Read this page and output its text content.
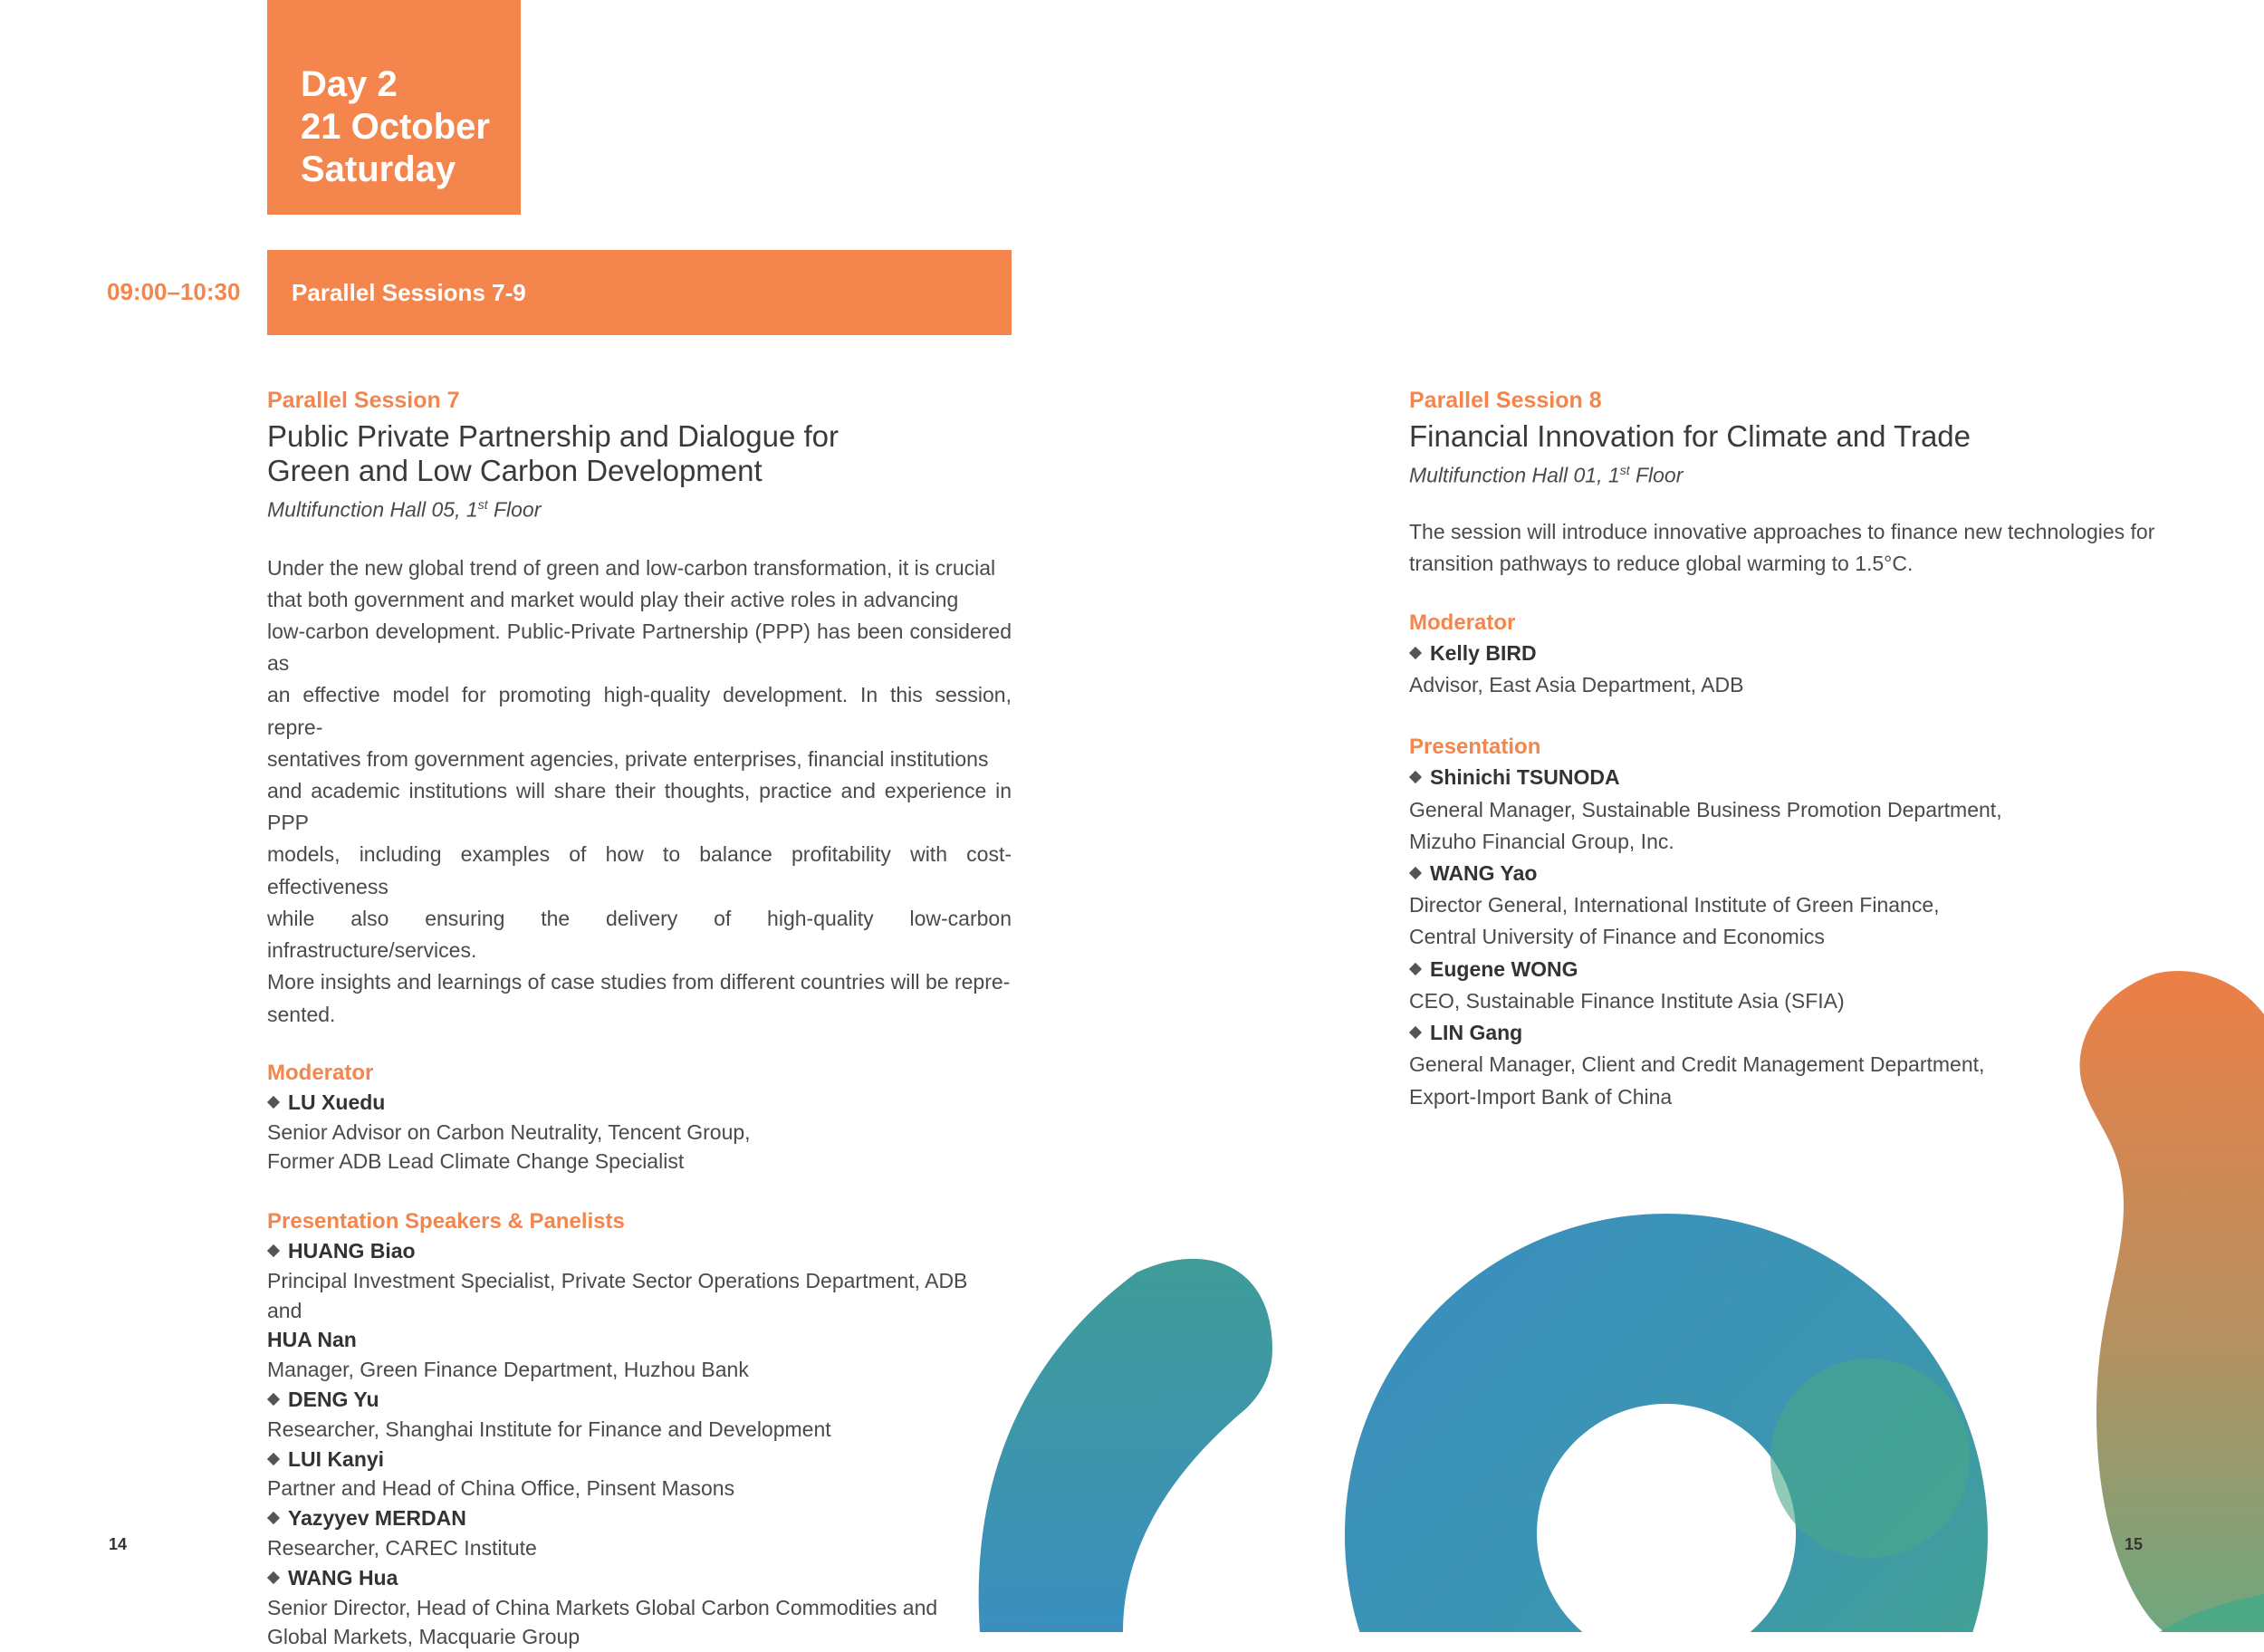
Day 2
21 October
Saturday
09:00–10:30	Parallel Sessions 7-9
Parallel Session 7
Public Private Partnership and Dialogue for
Green and Low Carbon Development
Multifunction Hall 05, 1st Floor
Under the new global trend of green and low-carbon transformation, it is crucial
that both government and market would play their active roles in advancing
low-carbon development. Public-Private Partnership (PPP) has been considered as
an effective model for promoting high-quality development. In this session, repre-
sentatives from government agencies, private enterprises, financial institutions
and academic institutions will share their thoughts, practice and experience in PPP
models, including examples of how to balance profitability with cost-effectiveness
while also ensuring the delivery of high-quality low-carbon infrastructure/services.
More insights and learnings of case studies from different countries will be repre-
sented.
Moderator
LU Xuedu
Senior Advisor on Carbon Neutrality, Tencent Group,
Former ADB Lead Climate Change Specialist
Presentation Speakers & Panelists
HUANG Biao
Principal Investment Specialist, Private Sector Operations Department, ADB
and
HUA Nan
Manager, Green Finance Department, Huzhou Bank
DENG Yu
Researcher, Shanghai Institute for Finance and Development
LUI Kanyi
Partner and Head of China Office, Pinsent Masons
Yazyyev MERDAN
Researcher, CAREC Institute
WANG Hua
Senior Director, Head of China Markets Global Carbon Commodities and
Global Markets, Macquarie Group
Parallel Session 8
Financial Innovation for Climate and Trade
Multifunction Hall 01, 1st Floor
The session will introduce innovative approaches to finance new technologies for
transition pathways to reduce global warming to 1.5°C.
Moderator
Kelly BIRD
Advisor, East Asia Department, ADB
Presentation
Shinichi TSUNODA
General Manager, Sustainable Business Promotion Department,
Mizuho Financial Group, Inc.
WANG Yao
Director General, International Institute of Green Finance,
Central University of Finance and Economics
Eugene WONG
CEO, Sustainable Finance Institute Asia (SFIA)
LIN Gang
General Manager, Client and Credit Management Department,
Export-Import Bank of China
14	15
